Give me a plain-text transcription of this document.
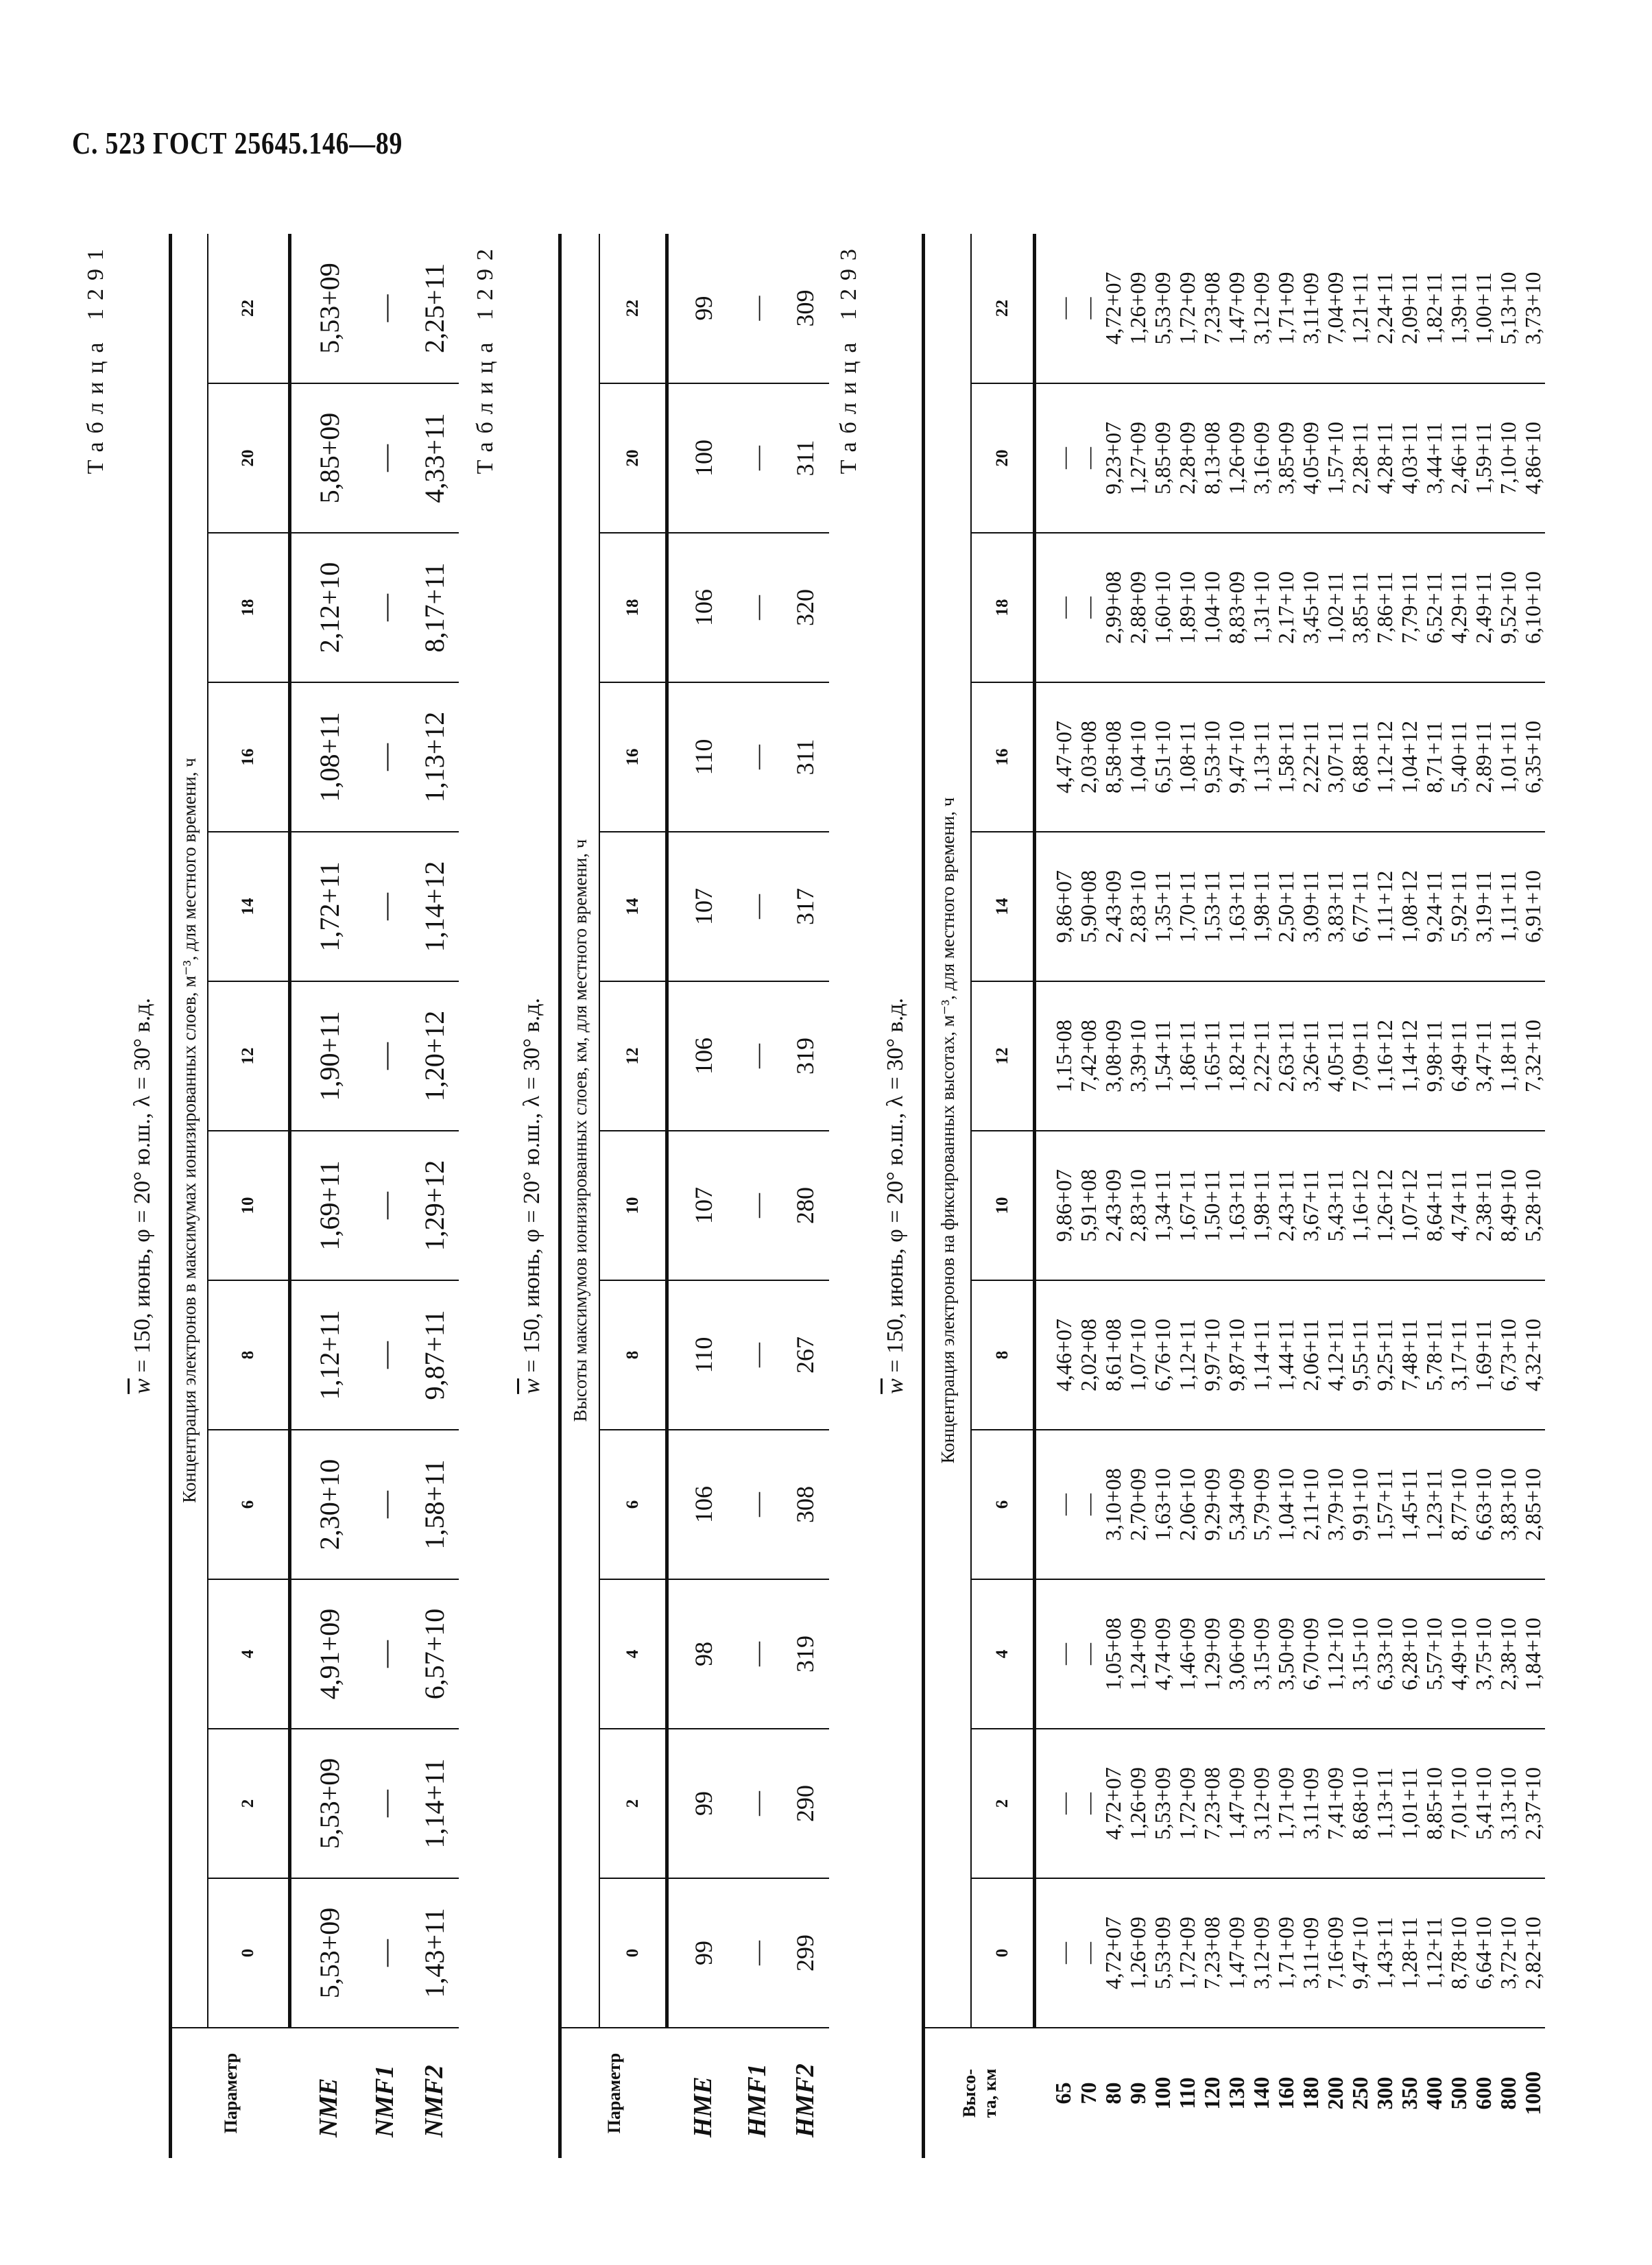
С. 523 ГОСТ 25645.146—89
Таблица 1291
$\overline{w} = 150$, июнь, φ = 20° ю.ш., λ = 30° в.д.
Параметр	Концентрация электронов в максимумах ионизированных слоев, м⁻³, для местного времени, ч											
	0	2	4	6	8	10	12	14	16	18	20	22
NME	5,53+09	5,53+09	4,91+09	2,30+10	1,12+11	1,69+11	1,90+11	1,72+11	1,08+11	2,12+10	5,85+09	5,53+09
NMF1	—	—	—	—	—	—	—	—	—	—	—	—
NMF2	1,43+11	1,14+11	6,57+10	1,58+11	9,87+11	1,29+12	1,20+12	1,14+12	1,13+12	8,17+11	4,33+11	2,25+11 Таблица 1292
$\overline{w} = 150$, июнь, φ = 20° ю.ш., λ = 30° в.д.
Параметр	Высоты максимумов ионизированных слоев, км, для местного времени, ч											
	0	2	4	6	8	10	12	14	16	18	20	22
HME	99	99	98	106	110	107	106	107	110	106	100	99
HMF1	—	—	—	—	—	—	—	—	—	—	—	—
HMF2	299	290	319	308	267	280	319	317	311	320	311	309 Таблица 1293
$\overline{w} = 150$, июнь, φ = 20° ю.ш., λ = 30° в.д.
Высо-
та, км	Концентрация электронов на фиксированных высотах, м⁻³, для местного времени, ч											
	0	2	4	6	8	10	12	14	16	18	20	22
65	—	—	—	—	4,46+07	9,86+07	1,15+08	9,86+07	4,47+07	—	—	—
70	—	—	—	—	2,02+08	5,91+08	7,42+08	5,90+08	2,03+08	—	—	—
80	4,72+07	4,72+07	1,05+08	3,10+08	8,61+08	2,43+09	3,08+09	2,43+09	8,58+08	2,99+08	9,23+07	4,72+07
90	1,26+09	1,26+09	1,24+09	2,70+09	1,07+10	2,83+10	3,39+10	2,83+10	1,04+10	2,88+09	1,27+09	1,26+09
100	5,53+09	5,53+09	4,74+09	1,63+10	6,76+10	1,34+11	1,54+11	1,35+11	6,51+10	1,60+10	5,85+09	5,53+09
110	1,72+09	1,72+09	1,46+09	2,06+10	1,12+11	1,67+11	1,86+11	1,70+11	1,08+11	1,89+10	2,28+09	1,72+09
120	7,23+08	7,23+08	1,29+09	9,29+09	9,97+10	1,50+11	1,65+11	1,53+11	9,53+10	1,04+10	8,13+08	7,23+08
130	1,47+09	1,47+09	3,06+09	5,34+09	9,87+10	1,63+11	1,82+11	1,63+11	9,47+10	8,83+09	1,26+09	1,47+09
140	3,12+09	3,12+09	3,15+09	5,79+09	1,14+11	1,98+11	2,22+11	1,98+11	1,13+11	1,31+10	3,16+09	3,12+09
160	1,71+09	1,71+09	3,50+09	1,04+10	1,44+11	2,43+11	2,63+11	2,50+11	1,58+11	2,17+10	3,85+09	1,71+09
180	3,11+09	3,11+09	6,70+09	2,11+10	2,06+11	3,67+11	3,26+11	3,09+11	2,22+11	3,45+10	4,05+09	3,11+09
200	7,16+09	7,41+09	1,12+10	3,79+10	4,12+11	5,43+11	4,05+11	3,83+11	3,07+11	1,02+11	1,57+10	7,04+09
250	9,47+10	8,68+10	3,15+10	9,91+10	9,55+11	1,16+12	7,09+11	6,77+11	6,88+11	3,85+11	2,28+11	1,21+11
300	1,43+11	1,13+11	6,33+10	1,57+11	9,25+11	1,26+12	1,16+12	1,11+12	1,12+12	7,86+11	4,28+11	2,24+11
350	1,28+11	1,01+11	6,28+10	1,45+11	7,48+11	1,07+12	1,14+12	1,08+12	1,04+12	7,79+11	4,03+11	2,09+11
400	1,12+11	8,85+10	5,57+10	1,23+11	5,78+11	8,64+11	9,98+11	9,24+11	8,71+11	6,52+11	3,44+11	1,82+11
500	8,78+10	7,01+10	4,49+10	8,77+10	3,17+11	4,74+11	6,49+11	5,92+11	5,40+11	4,29+11	2,46+11	1,39+11
600	6,64+10	5,41+10	3,75+10	6,63+10	1,69+11	2,38+11	3,47+11	3,19+11	2,89+11	2,49+11	1,59+11	1,00+11
800	3,72+10	3,13+10	2,38+10	3,83+10	6,73+10	8,49+10	1,18+11	1,11+11	1,01+11	9,52+10	7,10+10	5,13+10
1000	2,82+10	2,37+10	1,84+10	2,85+10	4,32+10	5,28+10	7,32+10	6,91+10	6,35+10	6,10+10	4,86+10	3,73+10
